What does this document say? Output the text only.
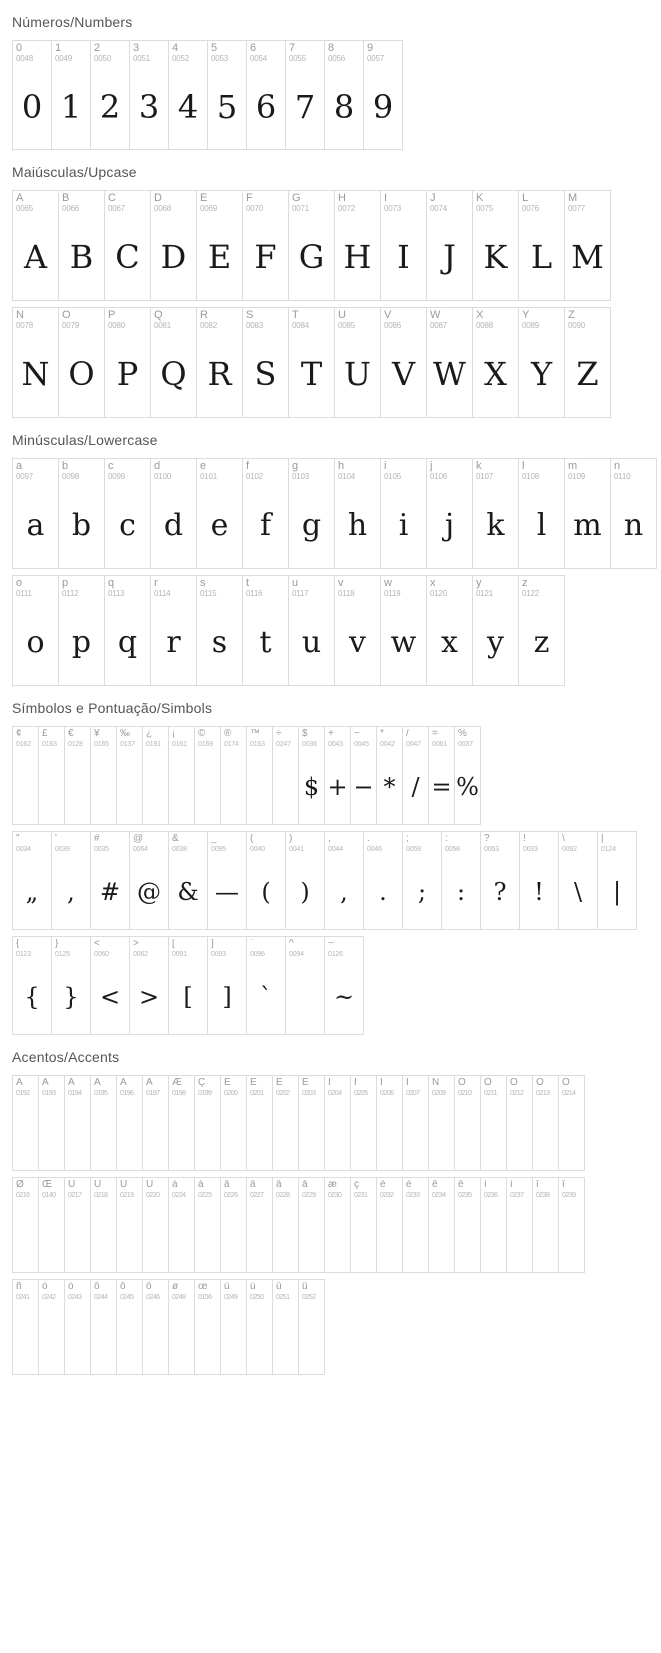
Números/Numbers
0
0048
0
1
0049
1
2
0050
2
3
0051
3
4
0052
4
5
0053
5
6
0054
6
7
0055
7
8
0056
8
9
0057
9
Maiúsculas/Upcase
A
0065
A
B
0066
B
C
0067
C
D
0068
D
E
0069
E
F
0070
F
G
0071
G
H
0072
H
I
0073
I
J
0074
J
K
0075
K
L
0076
L
M
0077
M
N
0078
N
O
0079
O
P
0080
P
Q
0081
Q
R
0082
R
S
0083
S
T
0084
T
U
0085
U
V
0086
V
W
0087
W
X
0088
X
Y
0089
Y
Z
0090
Z
Minúsculas/Lowercase
a
0097
a
b
0098
b
c
0099
c
d
0100
d
e
0101
e
f
0102
f
g
0103
g
h
0104
h
i
0105
i
j
0106
j
k
0107
k
l
0108
l
m
0109
m
n
0110
n
o
0111
o
p
0112
p
q
0113
q
r
0114
r
s
0115
s
t
0116
t
u
0117
u
v
0118
v
w
0119
w
x
0120
x
y
0121
y
z
0122
z
Símbolos e Pontuação/Simbols
¢
0162
£
0163
€
0128
¥
0165
‰
0137
¿
0191
¡
0161
©
0169
®
0174
™
0153
÷
0247
$
0036
$
+
0043
+
−
0045
−
*
0042
*
/
0047
/
=
0061
=
%
0037
%
"
0034
„
'
0039
,
#
0035
#
@
0064
@
&
0038
&
_
0095
—
(
0040
(
)
0041
)
,
0044
,
.
0046
.
;
0059
;
:
0058
:
?
0063
?
!
0033
!
\
0092
\
|
0124
|
{
0123
{
}
0125
}
<
0060
<
>
0062
>
[
0091
[
]
0093
]
`
0096
`
^
0094
~
0126
~
Acentos/Accents
À
0192
Á
0193
Â
0194
Ã
0195
Ä
0196
Å
0197
Æ
0198
Ç
0199
È
0200
É
0201
Ê
0202
Ë
0203
Ì
0204
Í
0205
Î
0206
Ï
0207
Ñ
0209
Ò
0210
Ó
0211
Ô
0212
Õ
0213
Ö
0214
Ø
0216
Œ
0140
Ù
0217
Ú
0218
Û
0219
Ü
0220
à
0224
á
0225
â
0226
ã
0227
ä
0228
å
0229
æ
0230
ç
0231
è
0232
é
0233
ê
0234
ë
0235
ì
0236
í
0237
î
0238
ï
0239
ñ
0241
ò
0242
ó
0243
ô
0244
õ
0245
ö
0246
ø
0248
œ
0156
ù
0249
ú
0250
û
0251
ü
0252
